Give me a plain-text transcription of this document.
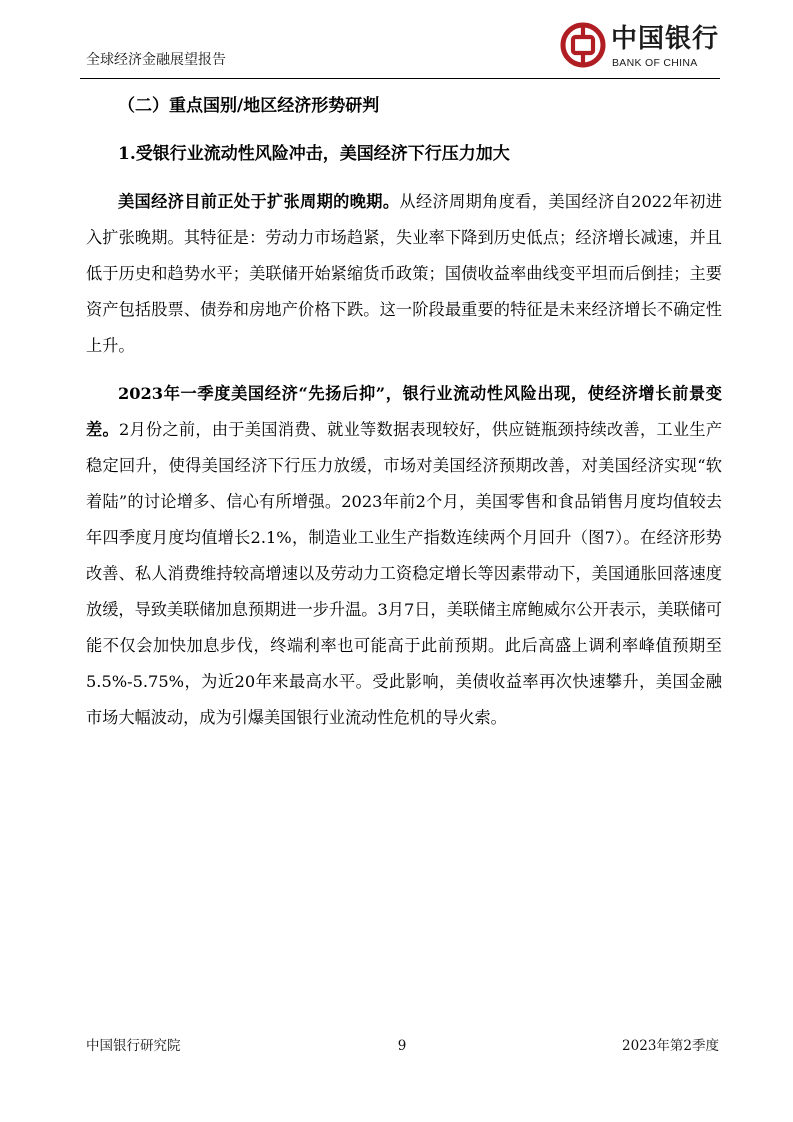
全球经济金融展望报告
中国银行
BANK OF CHINA
（二）重点国别/地区经济形势研判
1.受银行业流动性风险冲击，美国经济下行压力加大

美国经济目前正处于扩张周期的晚期。从经济周期角度看，美国经济自2022年初进入扩张晚期。其特征是：劳动力市场趋紧，失业率下降到历史低点；经济增长减速，并且低于历史和趋势水平；美联储开始紧缩货币政策；国债收益率曲线变平坦而后倒挂；主要资产包括股票、债券和房地产价格下跌。这一阶段最重要的特征是未来经济增长不确定性上升。

2023年一季度美国经济“先扬后抑”，银行业流动性风险出现，使经济增长前景变差。2月份之前，由于美国消费、就业等数据表现较好，供应链瓶颈持续改善，工业生产稳定回升，使得美国经济下行压力放缓，市场对美国经济预期改善，对美国经济实现“软着陆”的讨论增多、信心有所增强。2023年前2个月，美国零售和食品销售月度均值较去年四季度月度均值增长2.1%，制造业工业生产指数连续两个月回升（图7）。在经济形势改善、私人消费维持较高增速以及劳动力工资稳定增长等因素带动下，美国通胀回落速度放缓，导致美联储加息预期进一步升温。3月7日，美联储主席鲍威尔公开表示，美联储可能不仅会加快加息步伐，终端利率也可能高于此前预期。此后高盛上调利率峰值预期至5.5%-5.75%，为近20年来最高水平。受此影响，美债收益率再次快速攀升，美国金融市场大幅波动，成为引爆美国银行业流动性危机的导火索。

中国银行研究院	9	2023年第2季度
